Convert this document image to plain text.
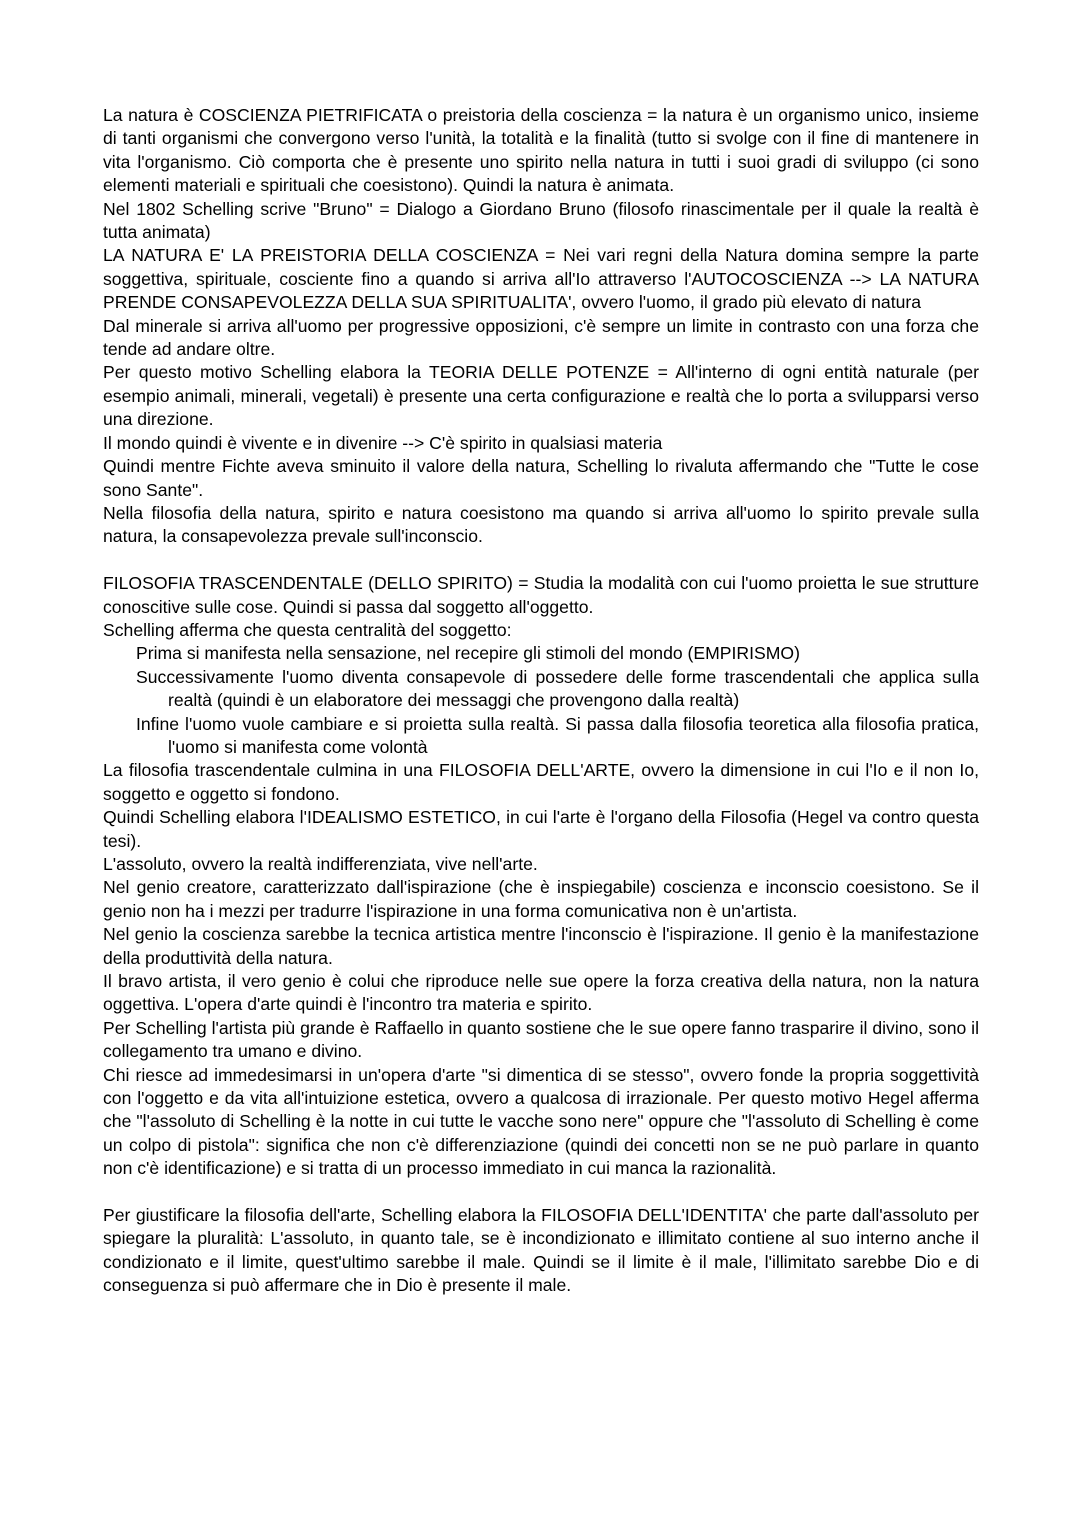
La natura è COSCIENZA PIETRIFICATA o preistoria della coscienza = la natura è un organismo unico, insieme di tanti organismi che convergono verso l'unità, la totalità e la finalità (tutto si svolge con il fine di mantenere in vita l'organismo. Ciò comporta che è presente uno spirito nella natura in tutti i suoi gradi di sviluppo (ci sono elementi materiali e spirituali che coesistono). Quindi la natura è animata.

Nel 1802 Schelling scrive "Bruno" = Dialogo a Giordano Bruno (filosofo rinascimentale per il quale la realtà è tutta animata)

LA NATURA E' LA PREISTORIA DELLA COSCIENZA = Nei vari regni della Natura domina sempre la parte soggettiva, spirituale, cosciente fino a quando si arriva all'Io attraverso l'AUTOCOSCIENZA --> LA NATURA PRENDE CONSAPEVOLEZZA DELLA SUA SPIRITUALITA', ovvero l'uomo, il grado più elevato di natura

Dal minerale si arriva all'uomo per progressive opposizioni, c'è sempre un limite in contrasto con una forza che tende ad andare oltre.

Per questo motivo Schelling elabora la TEORIA DELLE POTENZE = All'interno di ogni entità naturale (per esempio animali, minerali, vegetali) è presente una certa configurazione e realtà che lo porta a svilupparsi verso una direzione.

Il mondo quindi è vivente e in divenire --> C'è spirito in qualsiasi materia

Quindi mentre Fichte aveva sminuito il valore della natura, Schelling lo rivaluta affermando che "Tutte le cose sono Sante".

Nella filosofia della natura, spirito e natura coesistono ma quando si arriva all'uomo lo spirito prevale sulla natura, la consapevolezza prevale sull'inconscio.

FILOSOFIA TRASCENDENTALE (DELLO SPIRITO) = Studia la modalità con cui l'uomo proietta le sue strutture conoscitive sulle cose. Quindi si passa dal soggetto all'oggetto.

Schelling afferma che questa centralità del soggetto:

Prima si manifesta nella sensazione, nel recepire gli stimoli del mondo (EMPIRISMO)

Successivamente l'uomo diventa consapevole di possedere delle forme trascendentali che applica sulla realtà (quindi è un elaboratore dei messaggi che provengono dalla realtà)

Infine l'uomo vuole cambiare e si proietta sulla realtà. Si passa dalla filosofia teoretica alla filosofia pratica, l'uomo si manifesta come volontà

La filosofia trascendentale culmina in una FILOSOFIA DELL'ARTE, ovvero la dimensione in cui l'Io e il non Io, soggetto e oggetto si fondono.

Quindi Schelling elabora l'IDEALISMO ESTETICO, in cui l'arte è l'organo della Filosofia (Hegel va contro questa tesi).

L'assoluto, ovvero la realtà indifferenziata, vive nell'arte.

Nel genio creatore, caratterizzato dall'ispirazione (che è inspiegabile) coscienza e inconscio coesistono. Se il genio non ha i mezzi per tradurre l'ispirazione in una forma comunicativa non è un'artista.

Nel genio la coscienza sarebbe la tecnica artistica mentre l'inconscio è l'ispirazione. Il genio è la manifestazione della produttività della natura.

Il bravo artista, il vero genio è colui che riproduce nelle sue opere la forza creativa della natura, non la natura oggettiva. L'opera d'arte quindi è l'incontro tra materia e spirito.

Per Schelling l'artista più grande è Raffaello in quanto sostiene che le sue opere fanno trasparire il divino, sono il collegamento tra umano e divino.

Chi riesce ad immedesimarsi in un'opera d'arte "si dimentica di se stesso", ovvero fonde la propria soggettività con l'oggetto e da vita all'intuizione estetica, ovvero a qualcosa di irrazionale. Per questo motivo Hegel afferma che "l'assoluto di Schelling è la notte in cui tutte le vacche sono nere" oppure che "l'assoluto di Schelling è come un colpo di pistola": significa che non c'è differenziazione (quindi dei concetti non se ne può parlare in quanto non c'è identificazione) e si tratta di un processo immediato in cui manca la razionalità.

Per giustificare la filosofia dell'arte, Schelling elabora la FILOSOFIA DELL'IDENTITA' che parte dall'assoluto per spiegare la pluralità: L'assoluto, in quanto tale, se è incondizionato e illimitato contiene al suo interno anche il condizionato e il limite, quest'ultimo sarebbe il male. Quindi se il limite è il male, l'illimitato sarebbe Dio e di conseguenza si può affermare che in Dio è presente il male.
